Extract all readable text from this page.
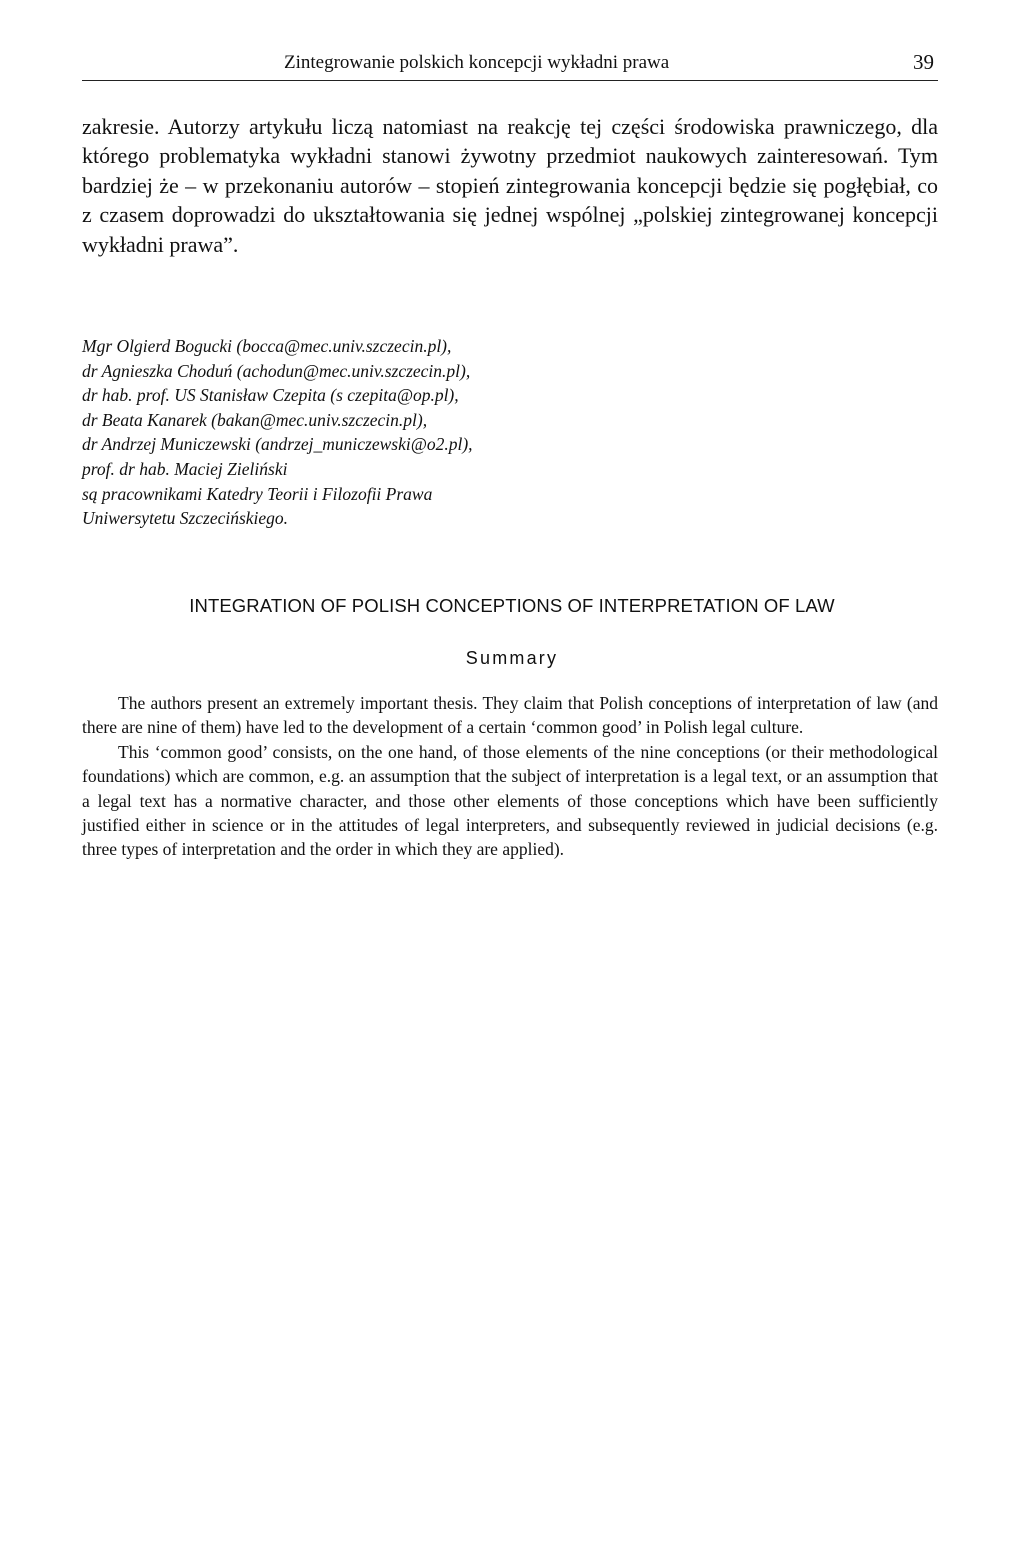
Zintegrowanie polskich koncepcji wykładni prawa	39

zakresie. Autorzy artykułu liczą natomiast na reakcję tej części środowiska prawniczego, dla którego problematyka wykładni stanowi żywotny przedmiot naukowych zainteresowań. Tym bardziej że – w przekonaniu autorów – stopień zintegrowania koncepcji będzie się pogłębiał, co z czasem doprowadzi do ukształtowania się jednej wspólnej „polskiej zintegrowanej koncepcji wykładni prawa”.

Mgr Olgierd Bogucki (bocca@mec.univ.szczecin.pl),
dr Agnieszka Choduń (achodun@mec.univ.szczecin.pl),
dr hab. prof. US Stanisław Czepita (s czepita@op.pl),
dr Beata Kanarek (bakan@mec.univ.szczecin.pl),
dr Andrzej Municzewski (andrzej_municzewski@o2.pl),
prof. dr hab. Maciej Zieliński
są pracownikami Katedry Teorii i Filozofii Prawa
Uniwersytetu Szczecińskiego.
INTEGRATION OF POLISH CONCEPTIONS OF INTERPRETATION OF LAW
Summary

The authors present an extremely important thesis. They claim that Polish conceptions of interpretation of law (and there are nine of them) have led to the development of a certain ‘common good’ in Polish legal culture.

This ‘common good’ consists, on the one hand, of those elements of the nine conceptions (or their methodological foundations) which are common, e.g. an assumption that the subject of interpretation is a legal text, or an assumption that a legal text has a normative character, and those other elements of those conceptions which have been sufficiently justified either in science or in the attitudes of legal interpreters, and subsequently reviewed in judicial decisions (e.g. three types of interpretation and the order in which they are applied).
